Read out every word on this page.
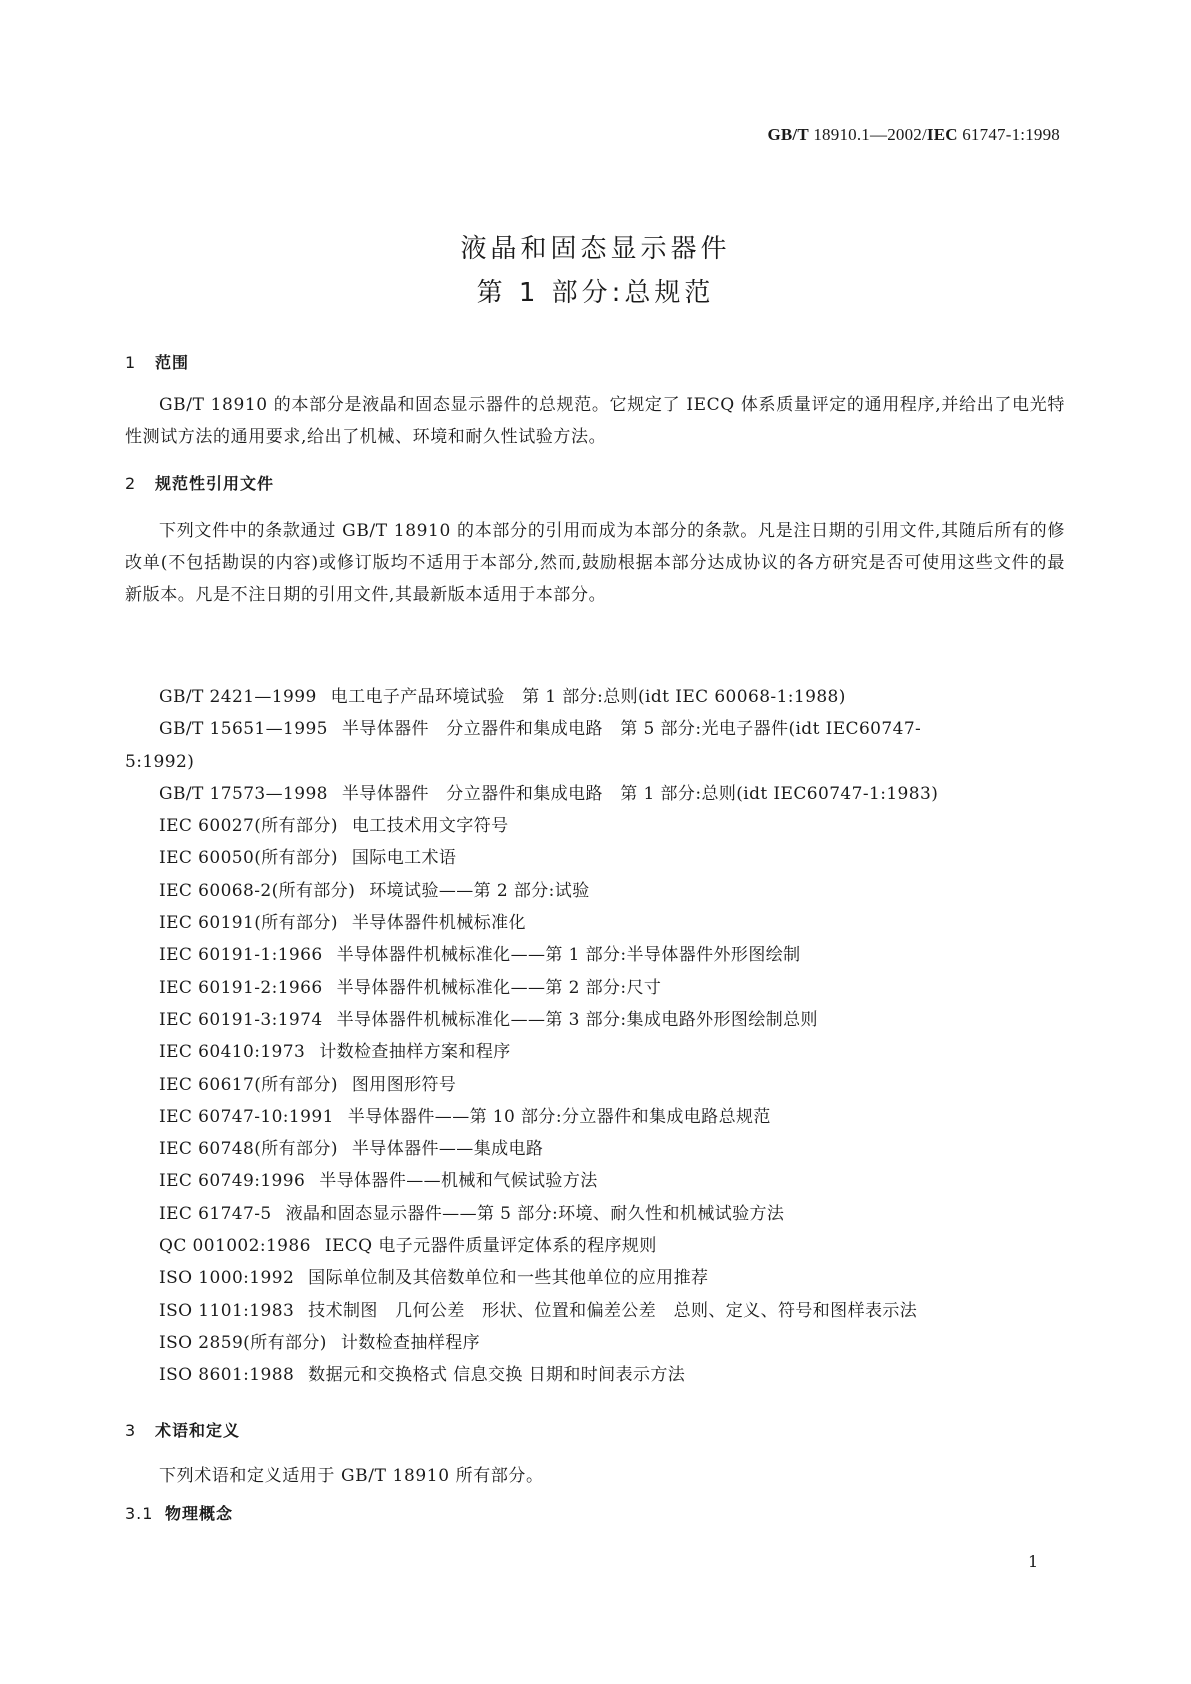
GB/T 18910.1—2002/IEC 61747-1:1998
液晶和固态显示器件
第 1 部分:总规范
1 范围
GB/T 18910 的本部分是液晶和固态显示器件的总规范。它规定了 IECQ 体系质量评定的通用程序,并给出了电光特性测试方法的通用要求,给出了机械、环境和耐久性试验方法。
2 规范性引用文件
下列文件中的条款通过 GB/T 18910 的本部分的引用而成为本部分的条款。凡是注日期的引用文件,其随后所有的修改单(不包括勘误的内容)或修订版均不适用于本部分,然而,鼓励根据本部分达成协议的各方研究是否可使用这些文件的最新版本。凡是不注日期的引用文件,其最新版本适用于本部分。
GB/T 2421—1999 电工电子产品环境试验　第 1 部分:总则(idt IEC 60068-1:1988)
GB/T 15651—1995 半导体器件　分立器件和集成电路　第 5 部分:光电子器件(idt IEC60747-
5:1992)
GB/T 17573—1998 半导体器件　分立器件和集成电路　第 1 部分:总则(idt IEC60747-1:1983)
IEC 60027(所有部分) 电工技术用文字符号
IEC 60050(所有部分) 国际电工术语
IEC 60068-2(所有部分) 环境试验——第 2 部分:试验
IEC 60191(所有部分) 半导体器件机械标准化
IEC 60191-1:1966 半导体器件机械标准化——第 1 部分:半导体器件外形图绘制
IEC 60191-2:1966 半导体器件机械标准化——第 2 部分:尺寸
IEC 60191-3:1974 半导体器件机械标准化——第 3 部分:集成电路外形图绘制总则
IEC 60410:1973 计数检查抽样方案和程序
IEC 60617(所有部分) 图用图形符号
IEC 60747-10:1991 半导体器件——第 10 部分:分立器件和集成电路总规范
IEC 60748(所有部分) 半导体器件——集成电路
IEC 60749:1996 半导体器件——机械和气候试验方法
IEC 61747-5 液晶和固态显示器件——第 5 部分:环境、耐久性和机械试验方法
QC 001002:1986 IECQ 电子元器件质量评定体系的程序规则
ISO 1000:1992 国际单位制及其倍数单位和一些其他单位的应用推荐
ISO 1101:1983 技术制图　几何公差　形状、位置和偏差公差　总则、定义、符号和图样表示法
ISO 2859(所有部分) 计数检查抽样程序
ISO 8601:1988 数据元和交换格式 信息交换 日期和时间表示方法
3 术语和定义
下列术语和定义适用于 GB/T 18910 所有部分。
3.1 物理概念
1
